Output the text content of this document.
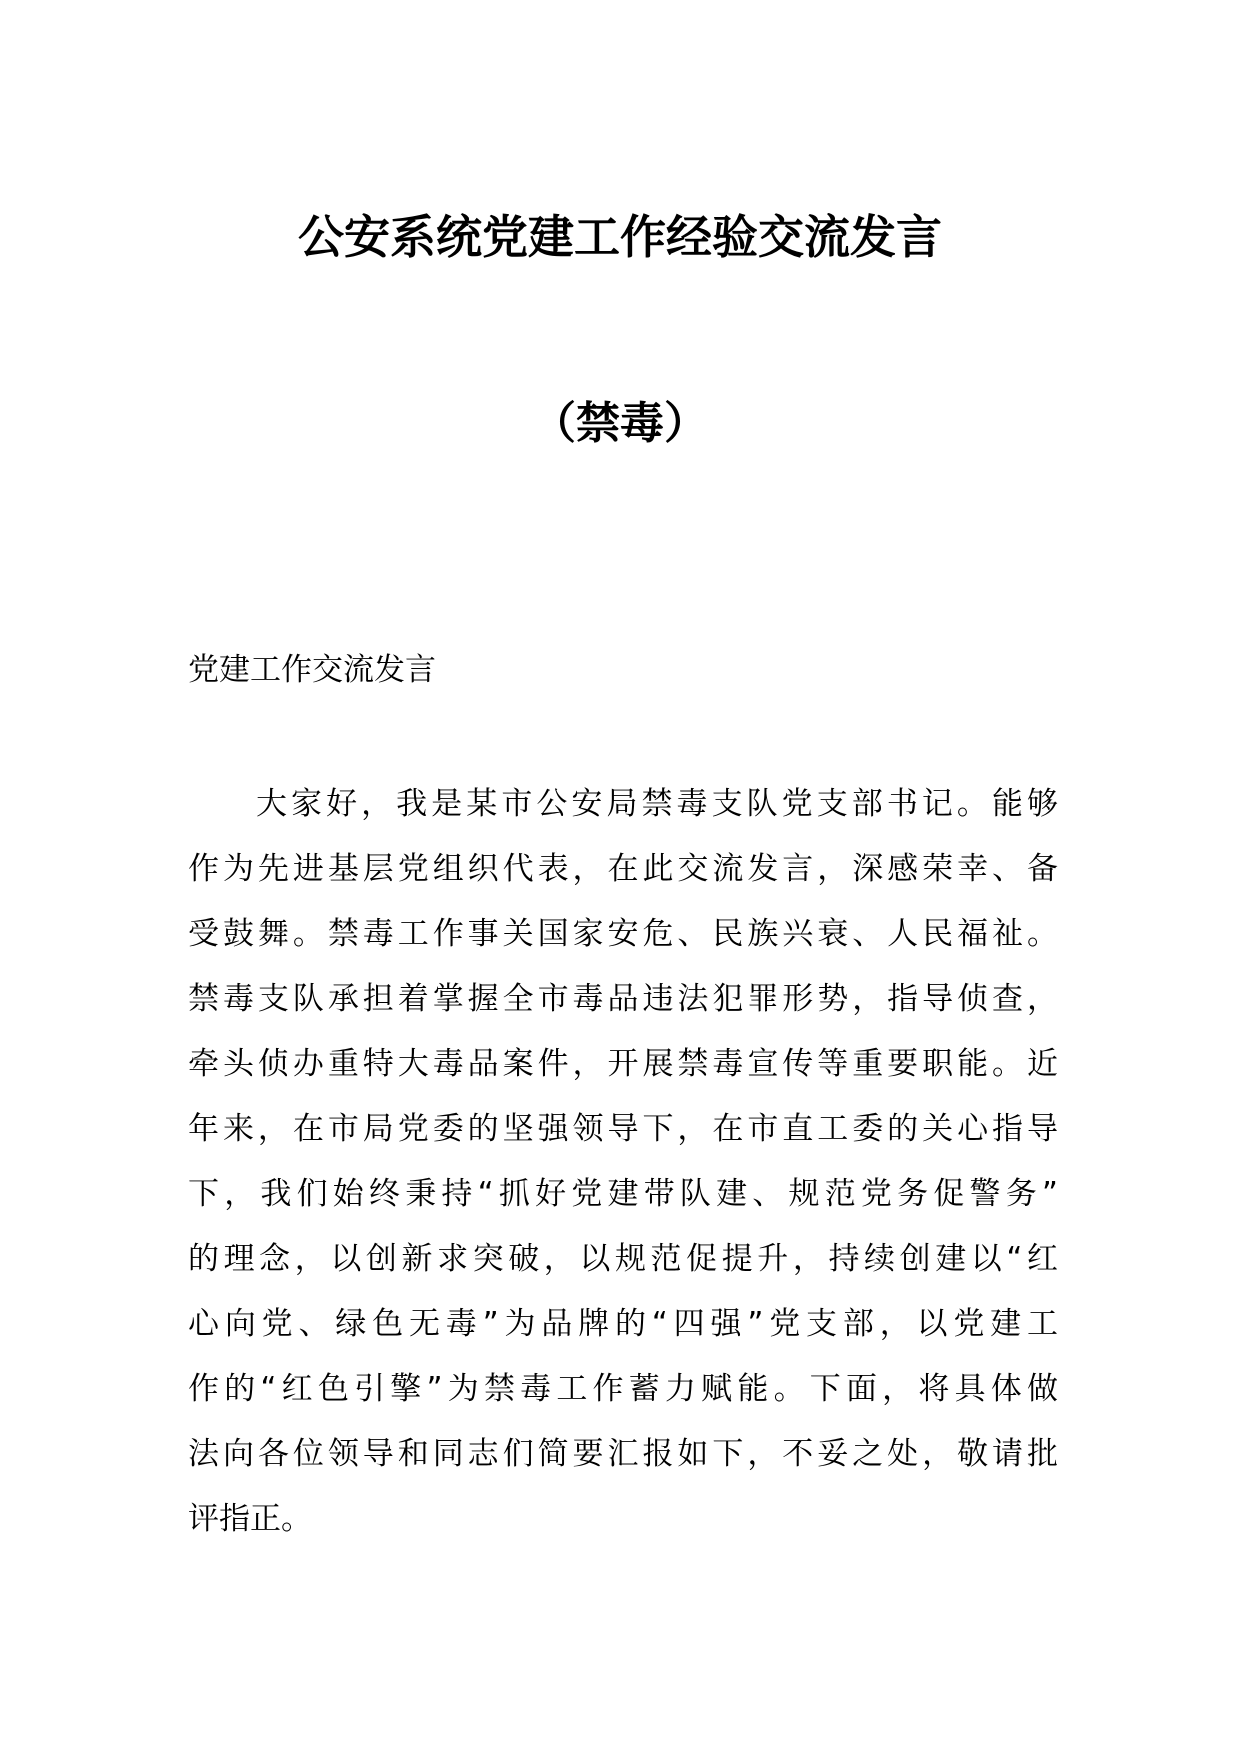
公安系统党建工作经验交流发言
（禁毒）
党建工作交流发言
大家好，我是某市公安局禁毒支队党支部书记。能够
作为先进基层党组织代表，在此交流发言，深感荣幸、备
受鼓舞。禁毒工作事关国家安危、民族兴衰、人民福祉。
禁毒支队承担着掌握全市毒品违法犯罪形势，指导侦查，
牵头侦办重特大毒品案件，开展禁毒宣传等重要职能。近
年来，在市局党委的坚强领导下，在市直工委的关心指导
下，我们始终秉持“抓好党建带队建、规范党务促警务”
的理念，以创新求突破，以规范促提升，持续创建以“红
心向党、绿色无毒”为品牌的“四强”党支部，以党建工
作的“红色引擎”为禁毒工作蓄力赋能。下面，将具体做
法向各位领导和同志们简要汇报如下，不妥之处，敬请批
评指正。
